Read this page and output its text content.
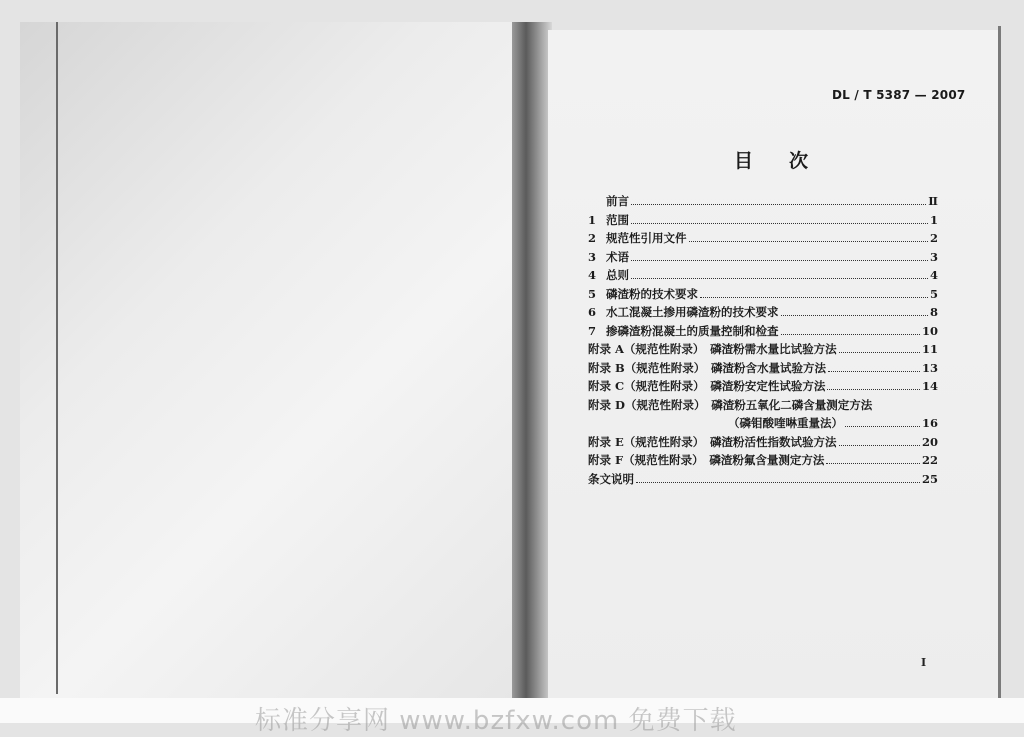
DL / T 5387 — 2007
目次
前言	Ⅱ
1 范围	1
2 规范性引用文件	2
3 术语	3
4 总则	4
5 磷渣粉的技术要求	5
6 水工混凝土掺用磷渣粉的技术要求	8
7 掺磷渣粉混凝土的质量控制和检查	10
附录 A（规范性附录）　磷渣粉需水量比试验方法	11
附录 B（规范性附录）　磷渣粉含水量试验方法	13
附录 C（规范性附录）　磷渣粉安定性试验方法	14
附录 D（规范性附录）　磷渣粉五氧化二磷含量测定方法
（磷钼酸喹啉重量法）	16
附录 E（规范性附录）　磷渣粉活性指数试验方法	20
附录 F（规范性附录）　磷渣粉氟含量测定方法	22
条文说明	25
I
标准分享网 www.bzfxw.com 免费下载
